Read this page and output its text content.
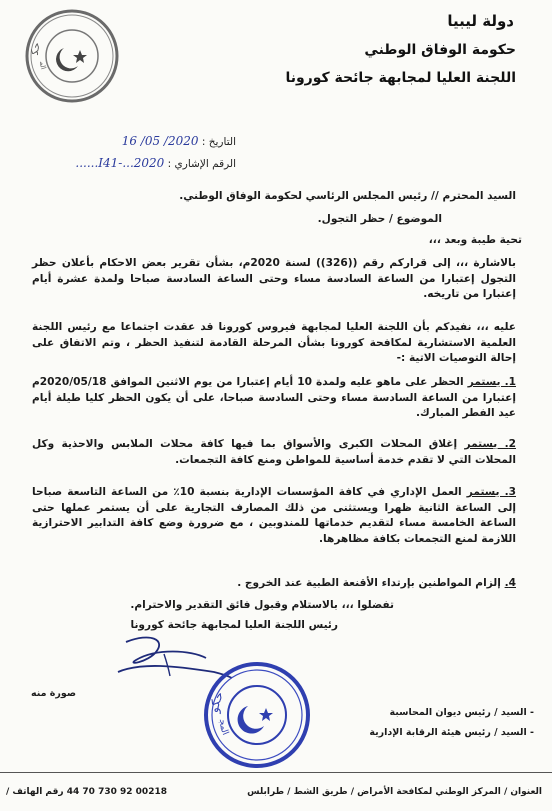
حك
الم
دولة ليبيا
حكومة الوفاق الوطني
اللجنة العليا لمجابهة جائحة كورونا
التاريخ : 2020/ 05/ 16
الرقم الإشاري : 2020...-I41......
السيد المحترم // رئيس المجلس الرئاسي لحكومة الوفاق الوطني.
الموضوع / حظر التجول.
تحية طيبة وبعد ،،،
بالاشارة ،،، إلى قراركم رقم ((326)) لسنة 2020م، بشأن تقرير بعض الاحكام بأعلان حظر التجول إعتبارا من الساعة السادسة مساء وحتى الساعة السادسة صباحا ولمدة عشرة أيام إعتبارا من تاريخه.
عليه ،،، نفيدكم بأن اللجنة العليا لمجابهة فيروس كورونا قد عقدت اجتماعا مع رئيس اللجنة العلمية الاستشارية لمكافحة كورونا بشأن المرحلة القادمة لتنفيذ الحظر ، وتم الاتفاق على إحالة التوصيات الاتية :-
1. يستمر الحظر على ماهو عليه ولمدة 10 أيام إعتبارا من يوم الاثنين الموافق 2020/05/18م إعتبارا من الساعة السادسة مساء وحتى السادسة صباحا، على أن يكون الحظر كليا طيلة أيام عيد الفطر المبارك.
2. يستمر إغلاق المحلات الكبرى والأسواق بما فيها كافة محلات الملابس والاحذية وكل المحلات التي لا تقدم خدمة أساسية للمواطن ومنع كافة التجمعات.
3. يستمر العمل الإداري في كافة المؤسسات الإدارية بنسبة 10٪ من الساعة التاسعة صباحا إلى الساعة الثانية ظهرا ويستثنى من ذلك المصارف التجارية على أن يستمر عملها حتى الساعة الخامسة مساء لتقديم خدماتها للمندوبين ، مع ضرورة وضع كافة التدابير الاحترازية اللازمة لمنع التجمعات بكافة مظاهرها.
4. إلزام المواطنين بإرتداء الأقنعة الطبية عند الخروج .
تفضلوا ،،، بالاستلام وقبول فائق التقدير والاحترام.
رئيس اللجنة العليا لمجابهة جائحة كورونا
صورة منه
- السيد / رئيس ديوان المحاسبة
- السيد / رئيس هيئة الرقابة الإدارية
حكو
المج
العنوان / المركز الوطني لمكافحة الأمراض / طريق الشط / طرابلس
00218 92 730 70 44 رقم الهاتف /
